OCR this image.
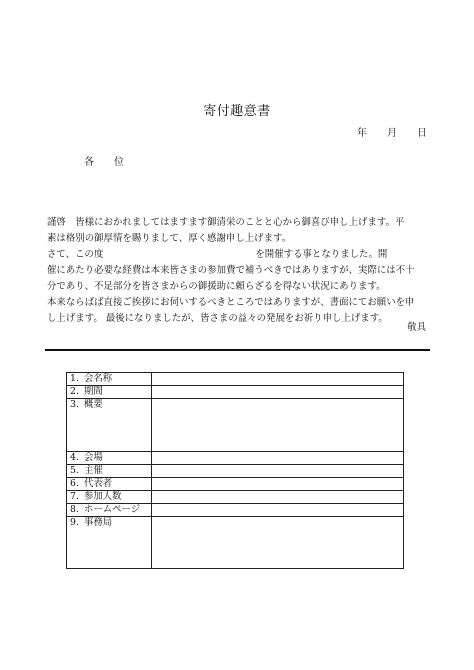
寄付趣意書
年 月 日
各 位
謹啓　皆様におかれましてはますます御清栄のことと心から御喜び申し上げます。平
素は格別の御厚情を賜りまして、厚く感謝申し上げます。
さて、この度	を開催する事となりました。開
催にあたり必要な経費は本来皆さまの参加費で補うべきではありますが、実際には不十
分であり、不足部分を皆さまからの御援助に頼らざるを得ない状況にあります。
本来ならばば直接ご挨拶にお伺いするべきところではありますが、書面にてお願いを申
し上げます。 最後になりましたが、皆さまの益々の発展をお祈り申し上げます。
敬具
1. 会名称	
2. 期間	
3. 概要	
4. 会場	
5. 主催	
6. 代表者	
7. 参加人数	
8. ホームページ	
9. 事務局	
